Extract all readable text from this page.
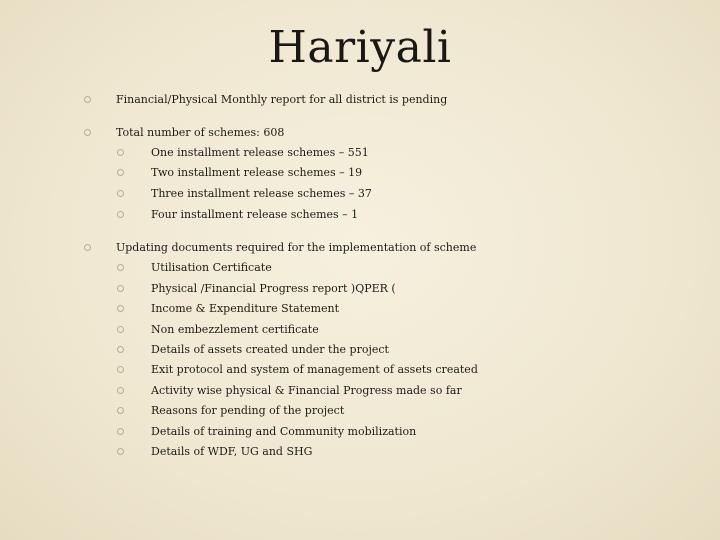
Hariyali
Financial/Physical Monthly report for all district is pending
Total number of schemes: 608
One installment release schemes – 551
Two installment release schemes – 19
Three installment release schemes – 37
Four installment release schemes – 1
Updating documents required for the implementation of scheme
Utilisation Certificate
Physical /Financial Progress report )QPER (
Income & Expenditure Statement
Non embezzlement certificate
Details of assets created under the project
Exit protocol and system of management of assets created
Activity wise physical & Financial Progress made so far
Reasons for pending of the project
Details of training and Community mobilization
Details of WDF, UG and SHG
